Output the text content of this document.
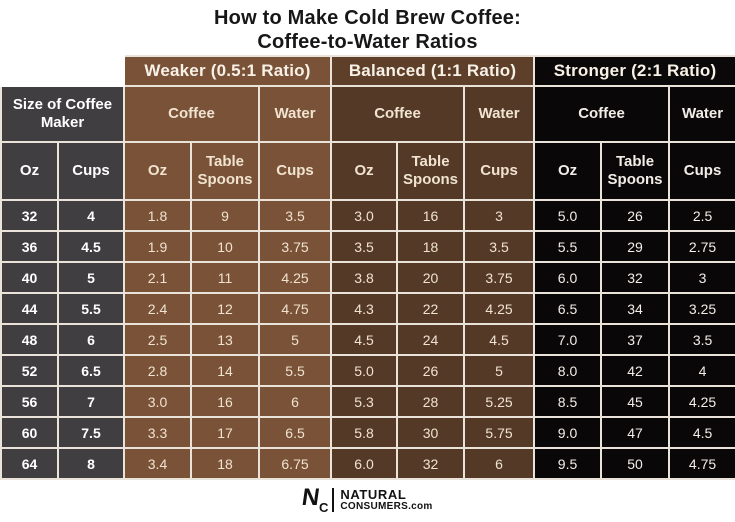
How to Make Cold Brew Coffee:
Coffee-to-Water Ratios
		Weaker (0.5:1 Ratio)			Balanced (1:1 Ratio)			Stronger (2:1 Ratio)		
Size of Coffee Maker		Coffee		Water	Coffee		Water	Coffee		Water
Oz	Cups	Oz	Table Spoons	Cups	Oz	Table Spoons	Cups	Oz	Table Spoons	Cups
32	4	1.8	9	3.5	3.0	16	3	5.0	26	2.5
36	4.5	1.9	10	3.75	3.5	18	3.5	5.5	29	2.75
40	5	2.1	11	4.25	3.8	20	3.75	6.0	32	3
44	5.5	2.4	12	4.75	4.3	22	4.25	6.5	34	3.25
48	6	2.5	13	5	4.5	24	4.5	7.0	37	3.5
52	6.5	2.8	14	5.5	5.0	26	5	8.0	42	4
56	7	3.0	16	6	5.3	28	5.25	8.5	45	4.25
60	7.5	3.3	17	6.5	5.8	30	5.75	9.0	47	4.5
64	8	3.4	18	6.75	6.0	32	6	9.5	50	4.75
N
C
NATURAL
CONSUMERS.com
